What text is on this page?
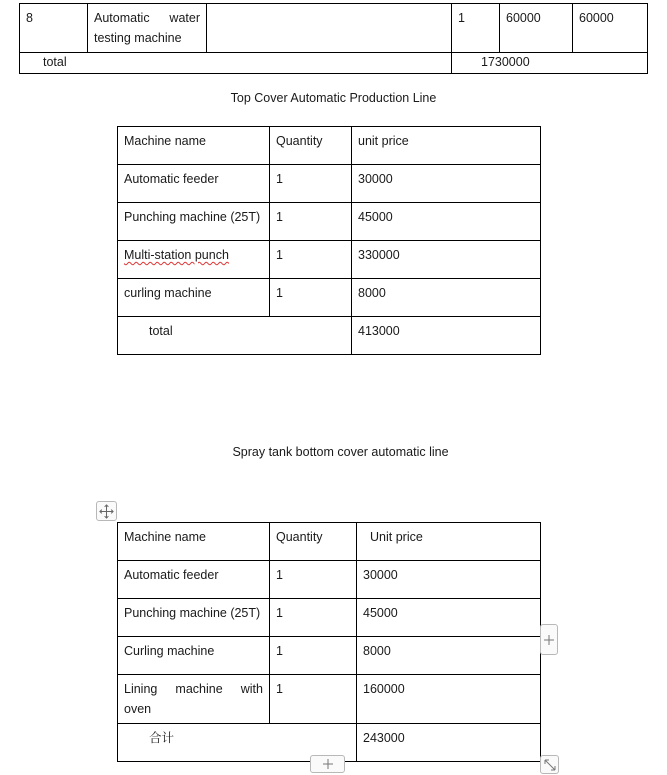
8	Automatic water
testing machine		1	60000	60000
total			1730000		
Top Cover Automatic Production Line
Machine name	Quantity	unit price
Automatic feeder	1	30000
Punching machine (25T)	1	45000
Multi-station punch	1	330000
curling machine	1	8000
total		413000
Spray tank bottom cover automatic line
Machine name	Quantity	Unit price
Automatic feeder	1	30000
Punching machine (25T)	1	45000
Curling machine	1	8000

Lining machine with
oven	1	160000
合计		243000
